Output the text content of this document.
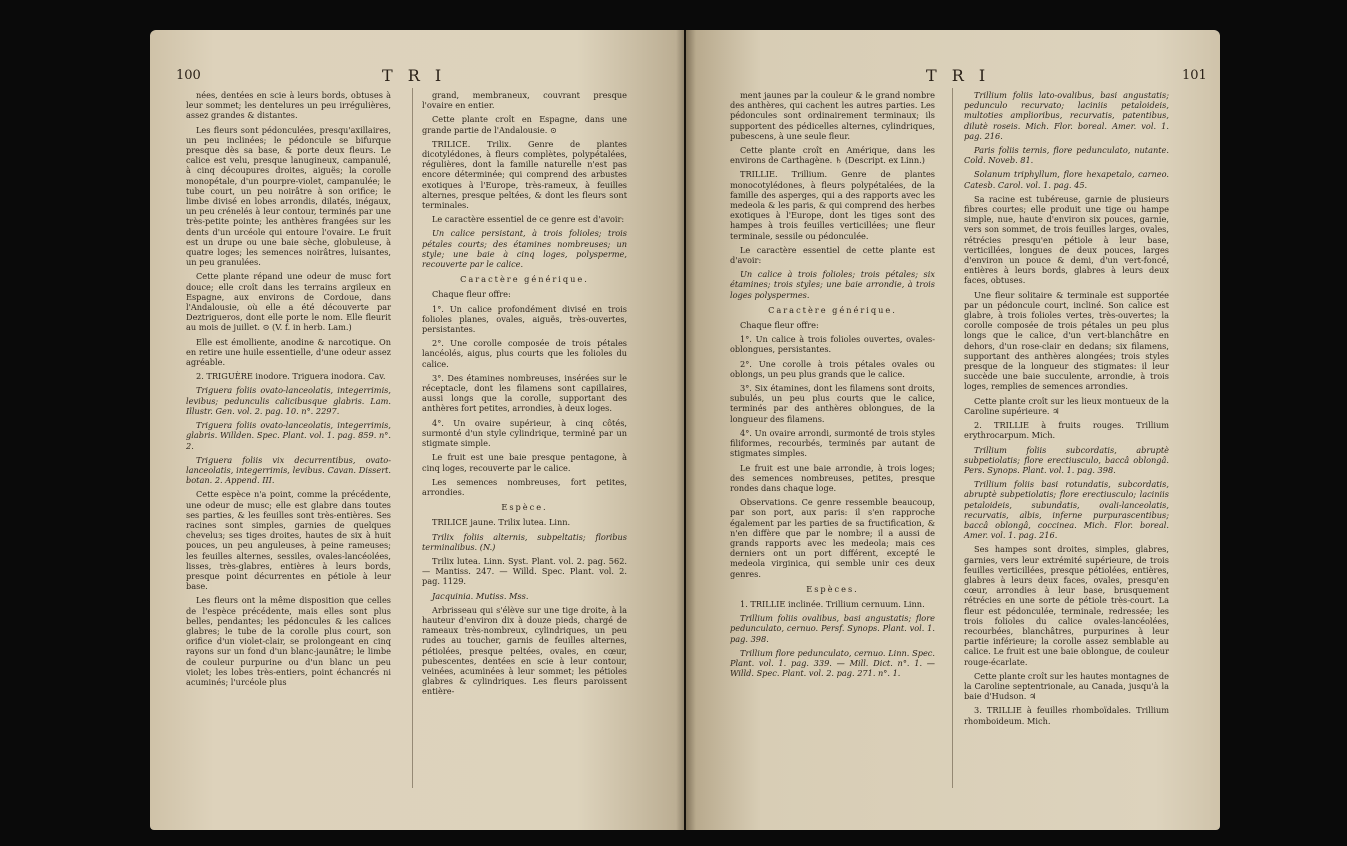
100	T R I

nées, dentées en scie à leurs bords, obtuses à leur sommet; les dentelures un peu irrégulières, assez grandes & distantes.

Les fleurs sont pédonculées, presqu'axillaires, un peu inclinées; le pédoncule se bifurque presque dès sa base, & porte deux fleurs. Le calice est velu, presque lanugineux, campanulé, à cinq découpures droites, aiguës; la corolle monopétale, d'un pourpre-violet, campanulée; le tube court, un peu noirâtre à son orifice; le limbe divisé en lobes arrondis, dilatés, inégaux, un peu crénelés à leur contour, terminés par une très-petite pointe; les anthères frangées sur les dents d'un urcéole qui entoure l'ovaire. Le fruit est un drupe ou une baie sèche, globuleuse, à quatre loges; les semences noirâtres, luisantes, un peu granulées.

Cette plante répand une odeur de musc fort douce; elle croît dans les terrains argileux en Espagne, aux environs de Cordoue, dans l'Andalousie, où elle a été découverte par Deztrigueros, dont elle porte le nom. Elle fleurit au mois de juillet. ⊙ (V. f. in herb. Lam.)

Elle est émolliente, anodine & narcotique. On en retire une huile essentielle, d'une odeur assez agréable.

2. TRIGUÈRE inodore. Triguera inodora. Cav.

Triguera foliis ovato-lanceolatis, integerrimis, levibus; pedunculis calicibusque glabris. Lam. Illustr. Gen. vol. 2. pag. 10. n°. 2297.

Triguera foliis ovato-lanceolatis, integerrimis, glabris. Willden. Spec. Plant. vol. 1. pag. 859. n°. 2.

Triguera foliis vix decurrentibus, ovato-lanceolatis, integerrimis, levibus. Cavan. Dissert. botan. 2. Append. III.

Cette espèce n'a point, comme la précédente, une odeur de musc; elle est glabre dans toutes ses parties, & les feuilles sont très-entières. Ses racines sont simples, garnies de quelques cheveluз; ses tiges droites, hautes de six à huit pouces, un peu anguleuses, à peine rameuses; les feuilles alternes, sessiles, ovales-lancéolées, lisses, très-glabres, entières à leurs bords, presque point décurrentes en pétiole à leur base.

Les fleurs ont la même disposition que celles de l'espèce précédente, mais elles sont plus belles, pendantes; les pédoncules & les calices glabres; le tube de la corolle plus court, son orifice d'un violet-clair, se prolongeant en cinq rayons sur un fond d'un blanc-jaunâtre; le limbe de couleur purpurine ou d'un blanc un peu violet; les lobes très-entiers, point échancrés ni acuminés; l'urcéole plus

grand, membraneux, couvrant presque l'ovaire en entier.

Cette plante croît en Espagne, dans une grande partie de l'Andalousie. ⊙

TRILICE. Trilix. Genre de plantes dicotylédones, à fleurs complètes, polypétalées, régulières, dont la famille naturelle n'est pas encore déterminée; qui comprend des arbustes exotiques à l'Europe, très-rameux, à feuilles alternes, presque peltées, & dont les fleurs sont terminales.

Le caractère essentiel de ce genre est d'avoir:

Un calice persistant, à trois folioles; trois pétales courts; des étamines nombreuses; un style; une baie à cinq loges, polysperme, recouverte par le calice.

Caractère générique.

Chaque fleur offre:

1°. Un calice profondément divisé en trois folioles planes, ovales, aiguës, très-ouvertes, persistantes.

2°. Une corolle composée de trois pétales lancéolés, aigus, plus courts que les folioles du calice.

3°. Des étamines nombreuses, insérées sur le réceptacle, dont les filamens sont capillaires, aussi longs que la corolle, supportant des anthères fort petites, arrondies, à deux loges.

4°. Un ovaire supérieur, à cinq côtés, surmonté d'un style cylindrique, terminé par un stigmate simple.

Le fruit est une baie presque pentagone, à cinq loges, recouverte par le calice.

Les semences nombreuses, fort petites, arrondies.

Espèce.

TRILICE jaune. Trilix lutea. Linn.

Trilix foliis alternis, subpeltatis; floribus terminalibus. (N.)

Trilix lutea. Linn. Syst. Plant. vol. 2. pag. 562. — Mantiss. 247. — Willd. Spec. Plant. vol. 2. pag. 1129.

Jacquinia. Mutiss. Mss.

Arbrisseau qui s'élève sur une tige droite, à la hauteur d'environ dix à douze pieds, chargé de rameaux très-nombreux, cylindriques, un peu rudes au toucher, garnis de feuilles alternes, pétiolées, presque peltées, ovales, en cœur, pubescentes, dentées en scie à leur contour, veinées, acuminées à leur sommet; les pétioles glabres & cylindriques. Les fleurs paroissent entière-

T R I	101

ment jaunes par la couleur & le grand nombre des anthères, qui cachent les autres parties. Les pédoncules sont ordinairement terminaux; ils supportent des pédicelles alternes, cylindriques, pubescens, à une seule fleur.

Cette plante croît en Amérique, dans les environs de Carthagène. ♄ (Descript. ex Linn.)

TRILLIE. Trillium. Genre de plantes monocotylédones, à fleurs polypétalées, de la famille des asperges, qui a des rapports avec les medeola & les paris, & qui comprend des herbes exotiques à l'Europe, dont les tiges sont des hampes à trois feuilles verticillées; une fleur terminale, sessile ou pédonculée.

Le caractère essentiel de cette plante est d'avoir:

Un calice à trois folioles; trois pétales; six étamines; trois styles; une baie arrondie, à trois loges polyspermes.

Caractère générique.

Chaque fleur offre:

1°. Un calice à trois folioles ouvertes, ovales-oblongues, persistantes.

2°. Une corolle à trois pétales ovales ou oblongs, un peu plus grands que le calice.

3°. Six étamines, dont les filamens sont droits, subulés, un peu plus courts que le calice, terminés par des anthères oblongues, de la longueur des filamens.

4°. Un ovaire arrondi, surmonté de trois styles filiformes, recourbés, terminés par autant de stigmates simples.

Le fruit est une baie arrondie, à trois loges; des semences nombreuses, petites, presque rondes dans chaque loge.

Observations. Ce genre ressemble beaucoup, par son port, aux paris: il s'en rapproche également par les parties de sa fructification, & n'en diffère que par le nombre; il a aussi de grands rapports avec les medeola; mais ces derniers ont un port différent, excepté le medeola virginica, qui semble unir ces deux genres.

Espèces.

1. TRILLIE inclinée. Trillium cernuum. Linn.

Trillium foliis ovalibus, basi angustatis; flore pedunculato, cernuo. Persf. Synops. Plant. vol. 1. pag. 398.

Trillium flore pedunculato, cernuo. Linn. Spec. Plant. vol. 1. pag. 339. — Mill. Dict. n°. 1. — Willd. Spec. Plant. vol. 2. pag. 271. n°. 1.

Trillium foliis lato-ovalibus, basi angustatis; pedunculo recurvato; laciniis petaloideis, multoties amplioribus, recurvatis, patentibus, dilutè roseis. Mich. Flor. boreal. Amer. vol. 1. pag. 216.

Paris foliis ternis, flore pedunculato, nutante. Cold. Noveb. 81.

Solanum triphyllum, flore hexapetalo, carneo. Catesb. Carol. vol. 1. pag. 45.

Sa racine est tubéreuse, garnie de plusieurs fibres courtes; elle produit une tige ou hampe simple, nue, haute d'environ six pouces, garnie, vers son sommet, de trois feuilles larges, ovales, rétrécies presqu'en pétiole à leur base, verticillées, longues de deux pouces, larges d'environ un pouce & demi, d'un vert-foncé, entières à leurs bords, glabres à leurs deux faces, obtuses.

Une fleur solitaire & terminale est supportée par un pédoncule court, incliné. Son calice est glabre, à trois folioles vertes, très-ouvertes; la corolle composée de trois pétales un peu plus longs que le calice, d'un vert-blanchâtre en dehors, d'un rose-clair en dedans; six filamens, supportant des anthères alongées; trois styles presque de la longueur des stigmates: il leur succède une baie succulente, arrondie, à trois loges, remplies de semences arrondies.

Cette plante croît sur les lieux montueux de la Caroline supérieure. ♃

2. TRILLIE à fruits rouges. Trillium erythrocarpum. Mich.

Trillium foliis subcordatis, abruptè subpetiolatis; flore erectiusculo, baccâ oblongâ. Pers. Synops. Plant. vol. 1. pag. 398.

Trillium foliis basi rotundatis, subcordatis, abruptè subpetiolatis; flore erectiusculo; laciniis petaloideis, subundatis, ovali-lanceolatis, recurvatis, albis, inferne purpurascentibus; baccâ oblongâ, coccinea. Mich. Flor. boreal. Amer. vol. 1. pag. 216.

Ses hampes sont droites, simples, glabres, garnies, vers leur extrémité supérieure, de trois feuilles verticillées, presque pétiolées, entières, glabres à leurs deux faces, ovales, presqu'en cœur, arrondies à leur base, brusquement rétrécies en une sorte de pétiole très-court. La fleur est pédonculée, terminale, redressée; les trois folioles du calice ovales-lancéolées, recourbées, blanchâtres, purpurines à leur partie inférieure; la corolle assez semblable au calice. Le fruit est une baie oblongue, de couleur rouge-écarlate.

Cette plante croît sur les hautes montagnes de la Caroline septentrionale, au Canada, jusqu'à la baie d'Hudson. ♃

3. TRILLIE à feuilles rhomboïdales. Trillium rhomboideum. Mich.
